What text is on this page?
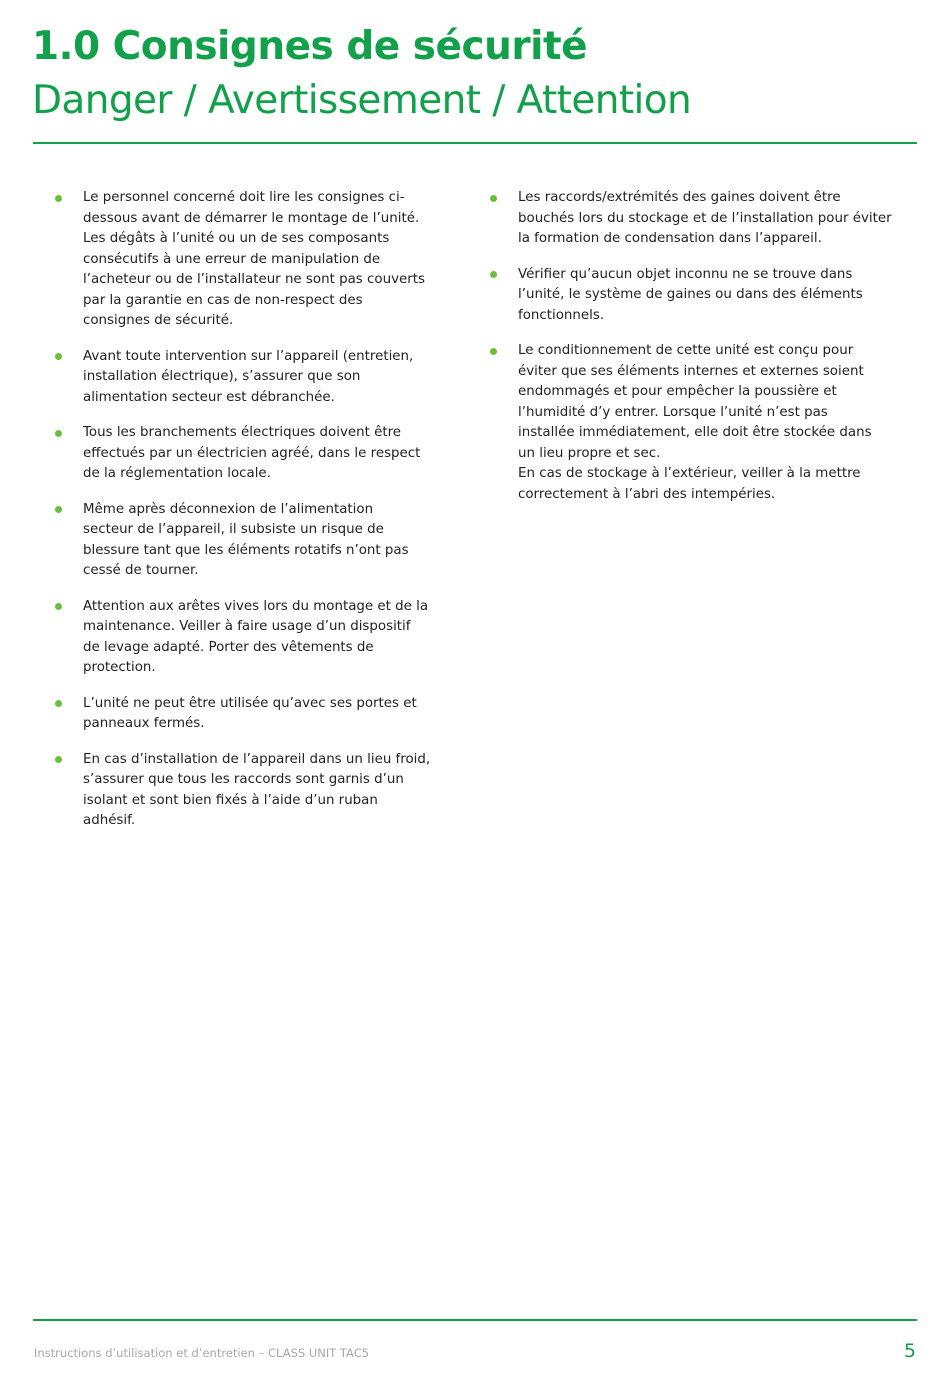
1.0 Consignes de sécurité
Danger / Avertissement / Attention
Le personnel concerné doit lire les consignes ci-
dessous avant de démarrer le montage de l’unité.
Les dégâts à l’unité ou un de ses composants
consécutifs à une erreur de manipulation de
l’acheteur ou de l’installateur ne sont pas couverts
par la garantie en cas de non-respect des
consignes de sécurité.
Avant toute intervention sur l’appareil (entretien,
installation électrique), s’assurer que son
alimentation secteur est débranchée.
Tous les branchements électriques doivent être
effectués par un électricien agréé, dans le respect
de la réglementation locale.
Même après déconnexion de l’alimentation
secteur de l’appareil, il subsiste un risque de
blessure tant que les éléments rotatifs n’ont pas
cessé de tourner.
Attention aux arêtes vives lors du montage et de la
maintenance. Veiller à faire usage d’un dispositif
de levage adapté. Porter des vêtements de
protection.
L’unité ne peut être utilisée qu’avec ses portes et
panneaux fermés.
En cas d’installation de l’appareil dans un lieu froid,
s’assurer que tous les raccords sont garnis d’un
isolant et sont bien fixés à l’aide d’un ruban
adhésif.
Les raccords/extrémités des gaines doivent être
bouchés lors du stockage et de l’installation pour éviter
la formation de condensation dans l’appareil.
Vérifier qu’aucun objet inconnu ne se trouve dans
l’unité, le système de gaines ou dans des éléments
fonctionnels.
Le conditionnement de cette unité est conçu pour
éviter que ses éléments internes et externes soient
endommagés et pour empêcher la poussière et
l’humidité d’y entrer. Lorsque l’unité n’est pas
installée immédiatement, elle doit être stockée dans
un lieu propre et sec.
En cas de stockage à l’extérieur, veiller à la mettre
correctement à l’abri des intempéries.
Instructions d’utilisation et d’entretien – CLASS UNIT TAC5	5
